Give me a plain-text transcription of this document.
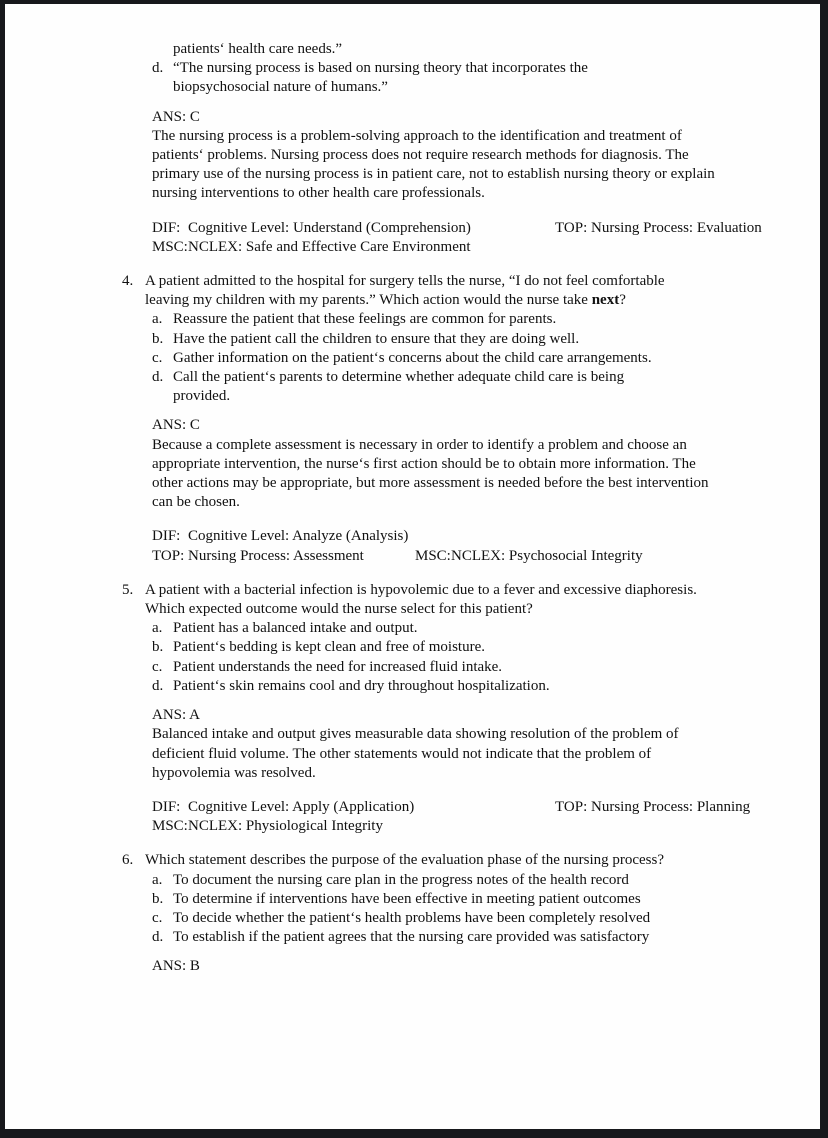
patients‘ health care needs.”
d. “The nursing process is based on nursing theory that incorporates the
biopsychosocial nature of humans.”
ANS: C
The nursing process is a problem-solving approach to the identification and treatment of
patients‘ problems. Nursing process does not require research methods for diagnosis. The
primary use of the nursing process is in patient care, not to establish nursing theory or explain
nursing interventions to other health care professionals.
DIF: Cognitive Level: Understand (Comprehension)	TOP: Nursing Process: Evaluation
MSC:NCLEX: Safe and Effective Care Environment
4. A patient admitted to the hospital for surgery tells the nurse, “I do not feel comfortable
leaving my children with my parents.” Which action would the nurse take next?
a. Reassure the patient that these feelings are common for parents.
b. Have the patient call the children to ensure that they are doing well.
c. Gather information on the patient‘s concerns about the child care arrangements.
d. Call the patient‘s parents to determine whether adequate child care is being
provided.
ANS: C
Because a complete assessment is necessary in order to identify a problem and choose an
appropriate intervention, the nurse‘s first action should be to obtain more information. The
other actions may be appropriate, but more assessment is needed before the best intervention
can be chosen.
DIF: Cognitive Level: Analyze (Analysis)
TOP: Nursing Process: Assessment	MSC:NCLEX: Psychosocial Integrity
5. A patient with a bacterial infection is hypovolemic due to a fever and excessive diaphoresis.
Which expected outcome would the nurse select for this patient?
a. Patient has a balanced intake and output.
b. Patient‘s bedding is kept clean and free of moisture.
c. Patient understands the need for increased fluid intake.
d. Patient‘s skin remains cool and dry throughout hospitalization.
ANS: A
Balanced intake and output gives measurable data showing resolution of the problem of
deficient fluid volume. The other statements would not indicate that the problem of
hypovolemia was resolved.
DIF: Cognitive Level: Apply (Application)	TOP: Nursing Process: Planning
MSC:NCLEX: Physiological Integrity
6. Which statement describes the purpose of the evaluation phase of the nursing process?
a. To document the nursing care plan in the progress notes of the health record
b. To determine if interventions have been effective in meeting patient outcomes
c. To decide whether the patient‘s health problems have been completely resolved
d. To establish if the patient agrees that the nursing care provided was satisfactory
ANS: B
